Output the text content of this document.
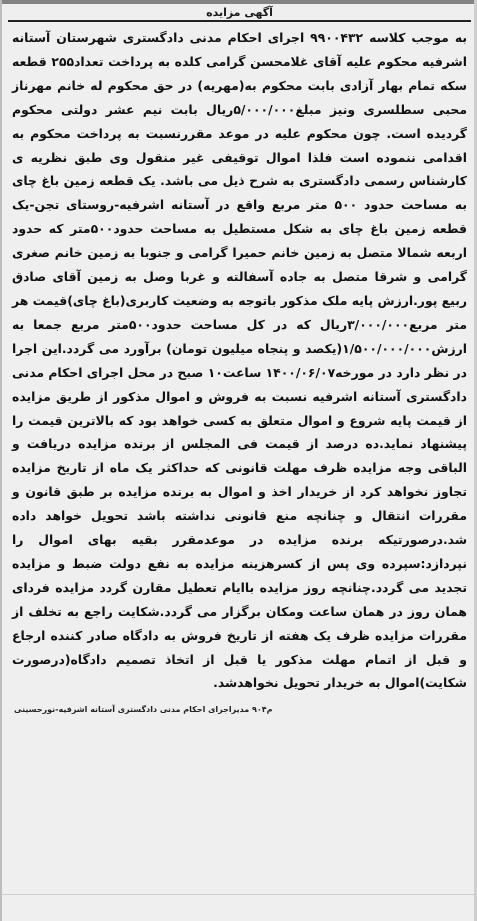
آگهی مزایده
به موجب کلاسه ۹۹۰۰۴۳۲ اجرای احکام مدنی دادگستری شهرستان آستانه اشرفیه محکوم علیه آقای غلامحسن گرامی کلده به پرداخت تعداد۲۵۵ قطعه سکه تمام بهار آزادی بابت محکوم به(مهریه) در حق محکوم له خانم مهرناز محبی سطلسری ونیز مبلغ۵/۰۰۰/۰۰۰ریال بابت نیم عشر دولتی محکوم گردیده است. چون محکوم علیه در موعد مقررنسبت به پرداخت محکوم به اقدامی ننموده است فلذا اموال توقیفی غیر منقول وی طبق نظریه ی کارشناس رسمی دادگستری به شرح ذیل می باشد. یک قطعه زمین باغ چای به مساحت حدود ۵۰۰ متر مربع واقع در آستانه اشرفیه-روستای تجن-یک قطعه زمین باغ چای به شکل مستطیل به مساحت حدود۵۰۰متر که حدود اربعه شمالا متصل به زمین خانم حمیرا گرامی و جنوبا به زمین خانم صغری گرامی و شرقا متصل به جاده آسفالته و غربا وصل به زمین آقای صادق ربیع پور.ارزش پایه ملک مذکور باتوجه به وضعیت کاربری(باغ چای)قیمت هر متر مربع۳/۰۰۰/۰۰۰ریال که در کل مساحت حدود۵۰۰متر مربع جمعا به ارزش۱/۵۰۰/۰۰۰/۰۰۰(یکصد و پنجاه میلیون تومان) برآورد می گردد.این اجرا در نظر دارد در مورخه۱۴۰۰/۰۶/۰۷ ساعت۱۰ صبح در محل اجرای احکام مدنی دادگستری آستانه اشرفیه نسبت به فروش و اموال مذکور از طریق مزایده از قیمت پایه شروع و اموال متعلق به کسی خواهد بود که بالاترین قیمت را پیشنهاد نماید.ده درصد از قیمت فی المجلس از برنده مزایده دریافت و الباقی وجه مزایده ظرف مهلت قانونی که حداکثر یک ماه از تاریخ مزایده تجاوز نخواهد کرد از خریدار اخذ و اموال به برنده مزایده بر طبق قانون و مقررات انتقال و چنانچه منع قانونی نداشته باشد تحویل خواهد داده شد.درصورتیکه برنده مزایده در موعدمقرر بقیه بهای اموال را نپردازد:سپرده وی پس از کسرهزینه مزایده به نفع دولت ضبط و مزایده تجدید می گردد.چنانچه روز مزایده باایام تعطیل مقارن گردد مزایده فردای همان روز در همان ساعت ومکان برگزار می گردد.شکایت راجع به تخلف از مقررات مزایده ظرف یک هفته از تاریخ فروش به دادگاه صادر کننده ارجاع و قبل از اتمام مهلت مذکور یا قبل از اتخاذ تصمیم دادگاه(درصورت شکایت)اموال به خریدار تحویل نخواهدشد.
م۹۰۴ مدیراجرای احکام مدنی دادگستری آستانه اشرفیه-نورحسینی
